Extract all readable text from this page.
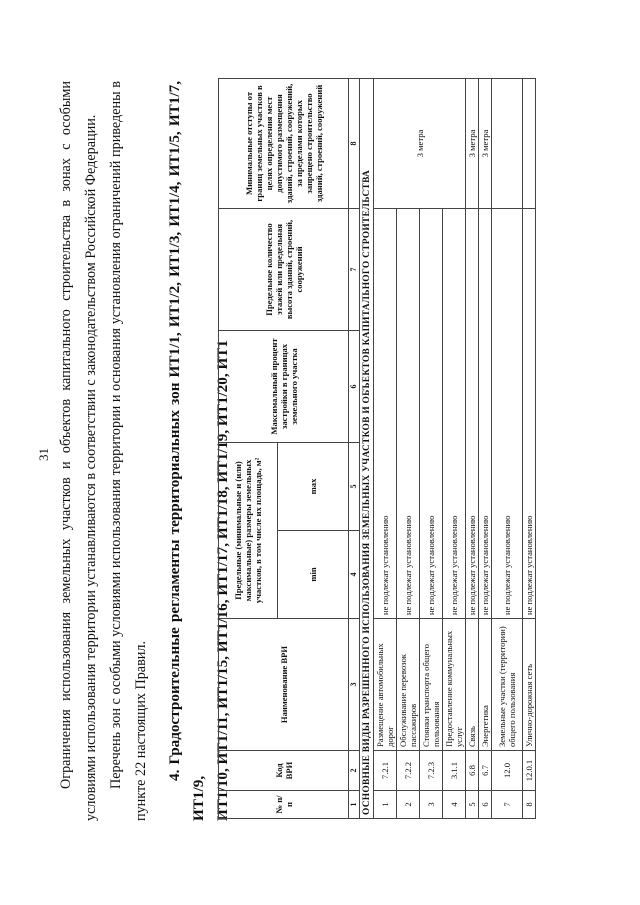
31 Ограничения использования земельных участков и объектов капитального строительства в зонах с особыми условиями использования территории устанавливаются в соответствии с законодательством Российской Федерации. Перечень зон с особыми условиями использования территории и основания установления ограничений приведены в пункте 22 настоящих Правил.	4. Градостроительные регламенты территориальных зон ИТ1/1, ИТ1/2, ИТ1/3, ИТ1/4, ИТ1/5, ИТ1/7, ИТ1/9, ИТ1/10, ИТ1/11, ИТ1/15, ИТ1/16, ИТ1/17, ИТ1/18, ИТ1/19, ИТ1/20, ИТ1	№ п/п	Код ВРИ	Наименование ВРИ	Предельные (минимальные и (или) максимальные) размеры земельных участков, в том числе их площадь, м²		Максимальный процент застройки в границах земельного участка	Предельное количество этажей или предельная высота зданий, строений, сооружений	Минимальные отступы от границ земельных участков в целях определения мест допустимого размещения зданий, строений, сооружений, за пределами которых запрещено строительство зданий, строений, сооружений
			min	max			
1	2	3	4	5	6	7	8
ОСНОВНЫЕ ВИДЫ РАЗРЕШЕННОГО ИСПОЛЬЗОВАНИЯ ЗЕМЕЛЬНЫХ УЧАСТКОВ И ОБЪЕКТОВ КАПИТАЛЬНОГО СТРОИТЕЛЬСТВА							
1	7.2.1	Размещение автомобильных дорог	не подлежат установлению				3 метра
2	7.2.2	Обслуживание перевозок пассажиров	не подлежат установлению				
3	7.2.3	Стоянки транспорта общего пользования	не подлежат установлению				
4	3.1.1	Предоставление коммунальных услуг	не подлежат установлению				
5	6.8	Связь	не подлежат установлению				3 метра
6	6.7	Энергетика	не подлежат установлению				3 метра
7	12.0	Земельные участки (территории) общего пользования	не подлежат установлению				
8	12.0.1	Улично-дорожная сеть	не подлежат установлению				
